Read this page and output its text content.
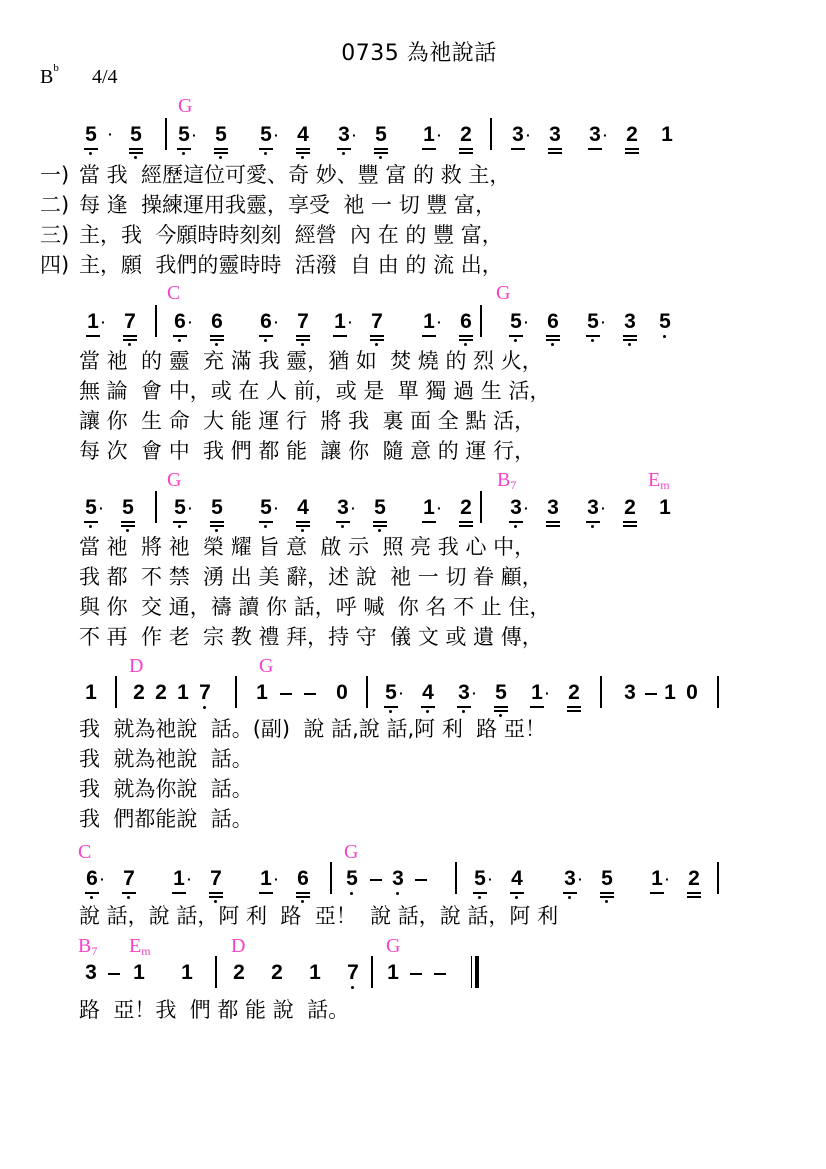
0735 為祂說話
$B^b$ 4/4
G
5 · 5 5 · 5 5 · 4 3 · 5 1 · 2 3 · 3 3 · 2 1
一) 當 我  經歷這位可愛、奇 妙、豐 富 的 救 主，
二) 每 逢  操練運用我靈，享受  祂 一 切 豐 富，
三) 主，我  今願時時刻刻  經營  內 在 的 豐 富，
四) 主，願  我們的靈時時  活潑  自 由 的 流 出，
C	G
1 · 7 6 · 6 6 · 7 1 · 7 1 · 6 5 · 6 5 · 3 5
當 祂  的 靈  充 滿 我 靈，猶 如  焚 燒 的 烈 火，
無 論  會 中，或 在 人 前，或 是  單 獨 過 生 活，
讓 你  生 命  大 能 運 行  將 我  裏 面 全 點 活，
每 次  會 中  我 們 都 能  讓 你  隨 意 的 運 行，
G	$B_7$	$E_m$
5 · 5 5 · 5 5 · 4 3 · 5 1 · 2 3 · 3 3 · 2 1
當 祂  將 祂  榮 耀 旨 意  啟 示  照 亮 我 心 中，
我 都  不 禁  湧 出 美 辭，述 說  祂 一 切 眷 顧，
與 你  交 通，禱 讀 你 話，呼 喊  你 名 不 止 住，
不 再  作 老  宗 教 禮 拜，持 守  儀 文 或 遺 傳，
D	G
1 2 2 1 7 1	0 5 · 4 3 · 5 1 · 2 3 1 0
我  就為祂說  話。(副)  說 話,說 話,阿 利  路 亞！
我  就為祂說  話。
我  就為你說  話。
我  們都能說  話。
C	G
6 · 7 1 · 7 1 · 6 5 3	5 · 4 3 · 5 1 · 2
說 話，說 話，阿 利  路  亞！  說 話，說 話，阿 利
$B_7$ $E_m$	D	G
3 1 1 2 2 1 7 1
路  亞！我  們 都 能 說  話。
